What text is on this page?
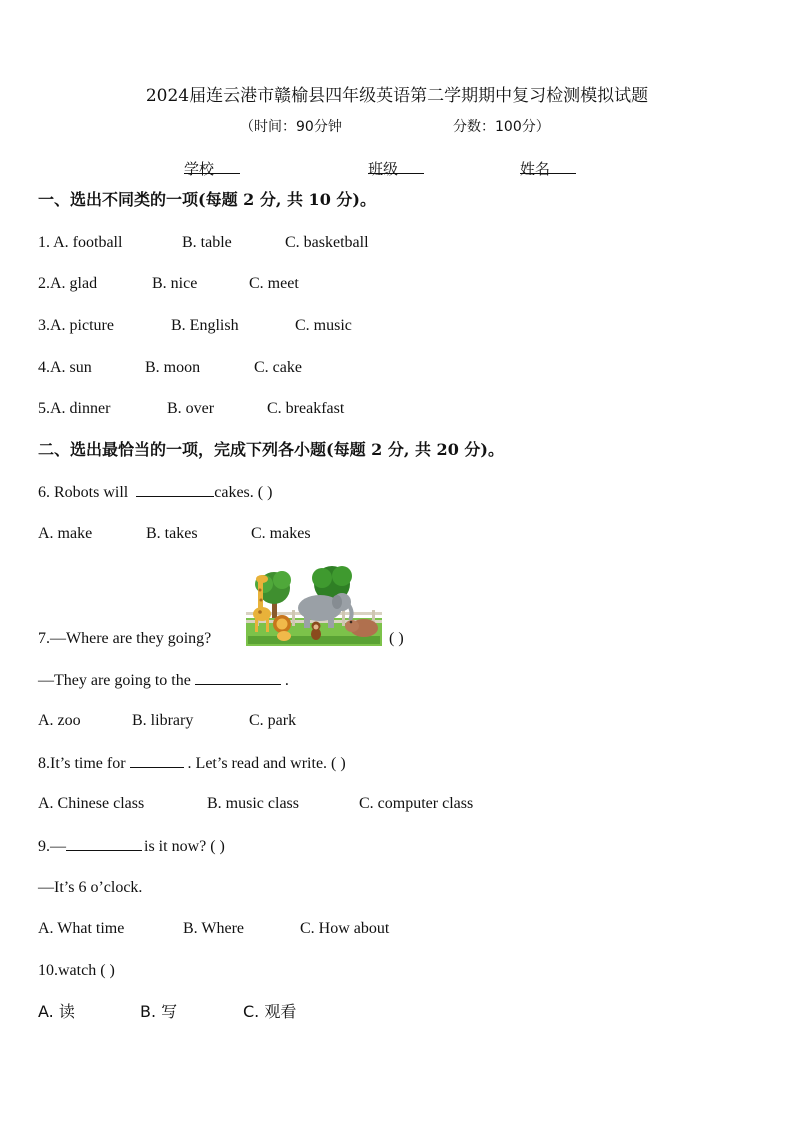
2024届连云港市赣榆县四年级英语第二学期期中复习检测模拟试题
（时间：90分钟	分数：100分）
学校	班级	姓名
一、选出不同类的一项(每题 2 分, 共 10 分)。
1. A. football	B. table	C. basketball
2.A. glad	B. nice	C. meet
3.A. picture	B. English	C. music
4.A. sun	B. moon	C. cake
5.A. dinner	B. over	C. breakfast
二、选出最恰当的一项，完成下列各小题(每题 2 分, 共 20 分)。
6. Robots will	cakes. ( )
A. make	B. takes	C. makes
7.—Where are they going?	( )
—They are going to the	.
A. zoo	B. library	C. park
8.It’s time for	. Let’s read and write. ( )
A. Chinese class	B. music class	C. computer class
9.—	is it now? ( )
—It’s 6 o’clock.
A. What time	B. Where	C. How about
10.watch ( )
A. 读	B. 写	C. 观看
